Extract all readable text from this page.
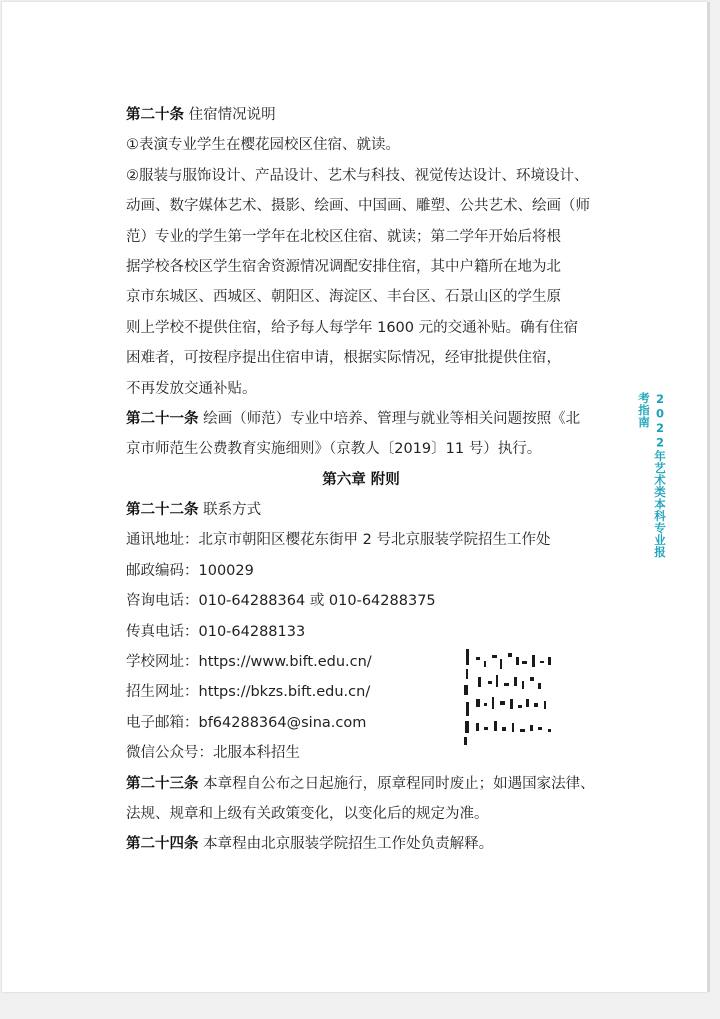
第二十条 住宿情况说明
①表演专业学生在樱花园校区住宿、就读。
②服装与服饰设计、产品设计、艺术与科技、视觉传达设计、环境设计、
动画、数字媒体艺术、摄影、绘画、中国画、雕塑、公共艺术、绘画（师
范）专业的学生第一学年在北校区住宿、就读；第二学年开始后将根
据学校各校区学生宿舍资源情况调配安排住宿，其中户籍所在地为北
京市东城区、西城区、朝阳区、海淀区、丰台区、石景山区的学生原
则上学校不提供住宿，给予每人每学年 1600 元的交通补贴。确有住宿
困难者，可按程序提出住宿申请，根据实际情况，经审批提供住宿，
不再发放交通补贴。
第二十一条 绘画（师范）专业中培养、管理与就业等相关问题按照《北
京市师范生公费教育实施细则》（京教人〔2019〕11 号）执行。
第六章 附则
第二十二条 联系方式
通讯地址：北京市朝阳区樱花东街甲 2 号北京服装学院招生工作处
邮政编码：100029
咨询电话：010-64288364 或 010-64288375
传真电话：010-64288133
学校网址：https://www.bift.edu.cn/
招生网址：https://bkzs.bift.edu.cn/
电子邮箱：bf64288364@sina.com
微信公众号：北服本科招生
第二十三条 本章程自公布之日起施行，原章程同时废止；如遇国家法律、
法规、规章和上级有关政策变化，以变化后的规定为准。
第二十四条 本章程由北京服装学院招生工作处负责解释。
2022年艺术类本科专业报考指南
